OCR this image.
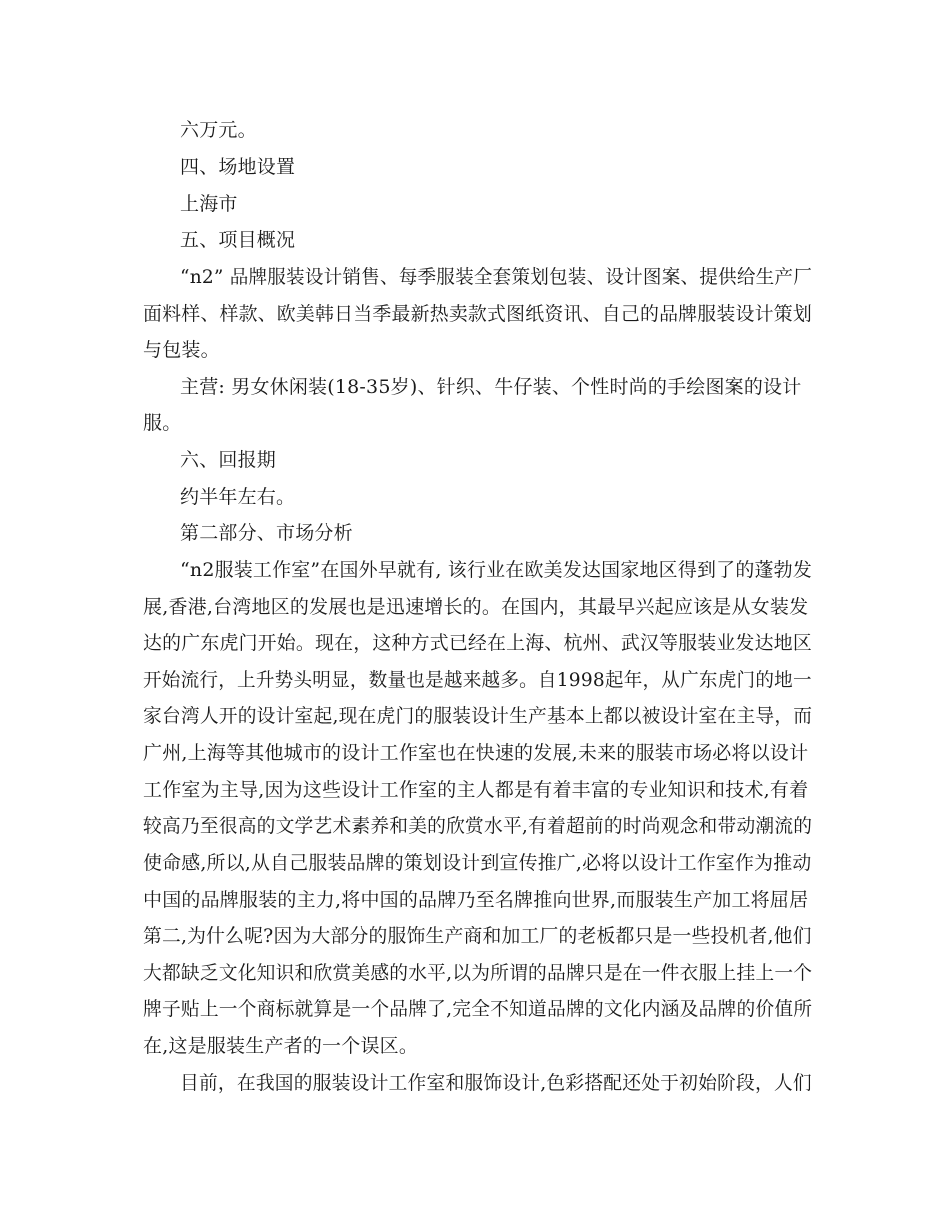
六万元。
四、场地设置
上海市
五、项目概况
“n2” 品牌服装设计销售、每季服装全套策划包装、设计图案、提供给生产厂
面料样、样款、欧美韩日当季最新热卖款式图纸资讯、自己的品牌服装设计策划
与包装。
主营: 男女休闲装(18-35岁)、针织、牛仔装、个性时尚的手绘图案的设计
服。
六、回报期
约半年左右。
第二部分、市场分析
“n2服装工作室”在国外早就有, 该行业在欧美发达国家地区得到了的蓬勃发
展,香港,台湾地区的发展也是迅速增长的。在国内，其最早兴起应该是从女装发
达的广东虎门开始。现在，这种方式已经在上海、杭州、武汉等服装业发达地区
开始流行，上升势头明显，数量也是越来越多。自1998起年，从广东虎门的地一
家台湾人开的设计室起,现在虎门的服装设计生产基本上都以被设计室在主导，而
广州,上海等其他城市的设计工作室也在快速的发展,未来的服装市场必将以设计
工作室为主导,因为这些设计工作室的主人都是有着丰富的专业知识和技术,有着
较高乃至很高的文学艺术素养和美的欣赏水平,有着超前的时尚观念和带动潮流的
使命感,所以,从自己服装品牌的策划设计到宣传推广,必将以设计工作室作为推动
中国的品牌服装的主力,将中国的品牌乃至名牌推向世界,而服装生产加工将屈居
第二,为什么呢?因为大部分的服饰生产商和加工厂的老板都只是一些投机者,他们
大都缺乏文化知识和欣赏美感的水平,以为所谓的品牌只是在一件衣服上挂上一个
牌子贴上一个商标就算是一个品牌了,完全不知道品牌的文化内涵及品牌的价值所
在,这是服装生产者的一个误区。
目前，在我国的服装设计工作室和服饰设计,色彩搭配还处于初始阶段，人们
